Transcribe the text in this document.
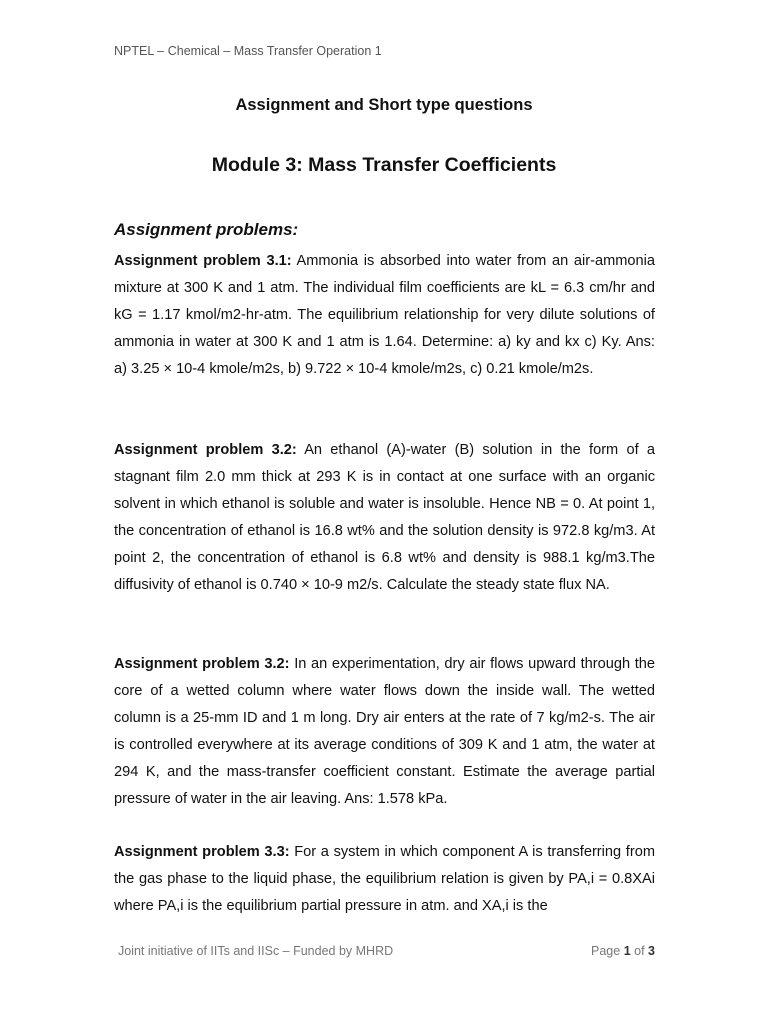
NPTEL – Chemical – Mass Transfer Operation 1
Assignment and Short type questions
Module 3: Mass Transfer Coefficients
Assignment problems:
Assignment problem 3.1: Ammonia is absorbed into water from an air-ammonia mixture at 300 K and 1 atm. The individual film coefficients are kL = 6.3 cm/hr and kG = 1.17 kmol/m2-hr-atm. The equilibrium relationship for very dilute solutions of ammonia in water at 300 K and 1 atm is 1.64. Determine: a) ky and kx c) Ky. Ans: a) 3.25 × 10-4 kmole/m2s, b) 9.722 × 10-4 kmole/m2s, c) 0.21 kmole/m2s.
Assignment problem 3.2: An ethanol (A)-water (B) solution in the form of a stagnant film 2.0 mm thick at 293 K is in contact at one surface with an organic solvent in which ethanol is soluble and water is insoluble. Hence NB = 0. At point 1, the concentration of ethanol is 16.8 wt% and the solution density is 972.8 kg/m3. At point 2, the concentration of ethanol is 6.8 wt% and density is 988.1 kg/m3.The diffusivity of ethanol is 0.740 × 10-9 m2/s. Calculate the steady state flux NA.
Assignment problem 3.2: In an experimentation, dry air flows upward through the core of a wetted column where water flows down the inside wall. The wetted column is a 25-mm ID and 1 m long. Dry air enters at the rate of 7 kg/m2-s. The air is controlled everywhere at its average conditions of 309 K and 1 atm, the water at 294 K, and the mass-transfer coefficient constant. Estimate the average partial pressure of water in the air leaving. Ans: 1.578 kPa.
Assignment problem 3.3: For a system in which component A is transferring from the gas phase to the liquid phase, the equilibrium relation is given by PA,i = 0.8XAi where PA,i is the equilibrium partial pressure in atm. and XA,i is the
Joint initiative of IITs and IISc – Funded by MHRD	Page 1 of 3
